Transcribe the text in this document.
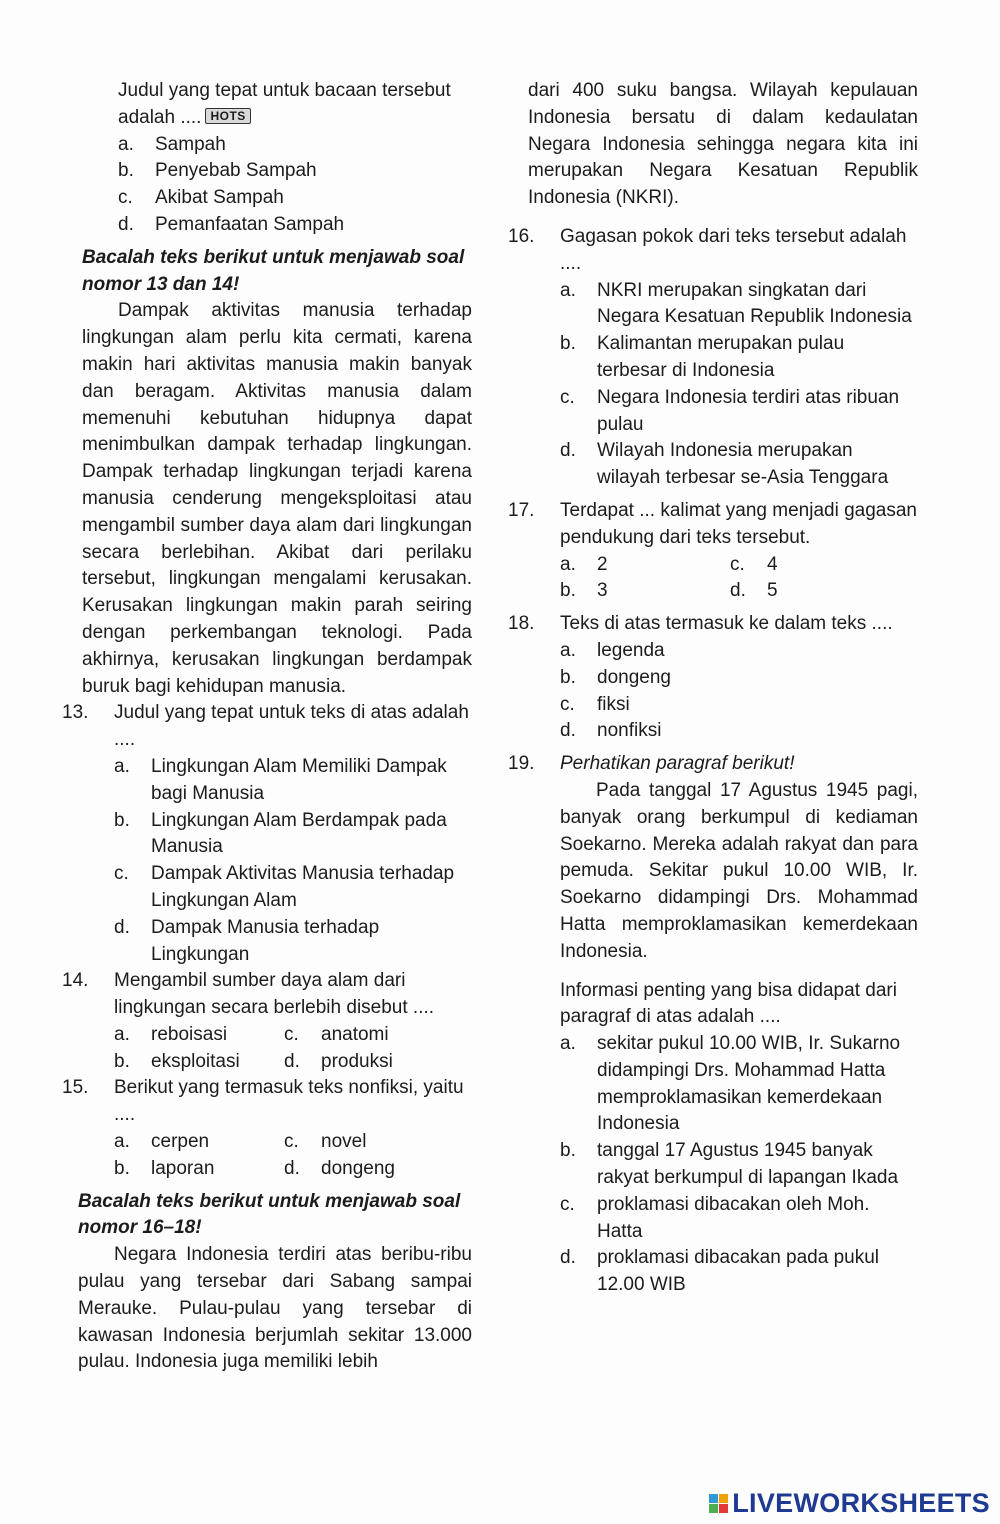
Judul yang tepat untuk bacaan tersebut adalah .... HOTS
a.	Sampah
b.	Penyebab Sampah
c.	Akibat Sampah
d.	Pemanfaatan Sampah
Bacalah teks berikut untuk menjawab soal nomor 13 dan 14!
Dampak aktivitas manusia terhadap lingkungan alam perlu kita cermati, karena makin hari aktivitas manusia makin banyak dan beragam. Aktivitas manusia dalam memenuhi kebutuhan hidupnya dapat menimbulkan dampak terhadap lingkungan. Dampak terhadap lingkungan terjadi karena manusia cenderung mengeksploitasi atau mengambil sumber daya alam dari lingkungan secara berlebihan. Akibat dari perilaku tersebut, lingkungan mengalami kerusakan. Kerusakan lingkungan makin parah seiring dengan perkembangan teknologi. Pada akhirnya, kerusakan lingkungan berdampak buruk bagi kehidupan manusia.
13.	Judul yang tepat untuk teks di atas adalah ....
a.	Lingkungan Alam Memiliki Dampak bagi Manusia
b.	Lingkungan Alam Berdampak pada Manusia
c.	Dampak Aktivitas Manusia terhadap Lingkungan Alam
d.	Dampak Manusia terhadap Lingkungan
14.	Mengambil sumber daya alam dari lingkungan secara berlebih disebut ....
a.	reboisasi	c.	anatomi
b.	eksploitasi	d.	produksi
15.	Berikut yang termasuk teks nonfiksi, yaitu ....
a.	cerpen	c.	novel
b.	laporan	d.	dongeng
Bacalah teks berikut untuk menjawab soal nomor 16–18!
Negara Indonesia terdiri atas beribu-ribu pulau yang tersebar dari Sabang sampai Merauke. Pulau-pulau yang tersebar di kawasan Indonesia berjumlah sekitar 13.000 pulau. Indonesia juga memiliki lebih
dari 400 suku bangsa. Wilayah kepulauan Indonesia bersatu di dalam kedaulatan Negara Indonesia sehingga negara kita ini merupakan Negara Kesatuan Republik Indonesia (NKRI).
16.	Gagasan pokok dari teks tersebut adalah ....
a.	NKRI merupakan singkatan dari Negara Kesatuan Republik Indonesia
b.	Kalimantan merupakan pulau terbesar di Indonesia
c.	Negara Indonesia terdiri atas ribuan pulau
d.	Wilayah Indonesia merupakan wilayah terbesar se-Asia Tenggara
17.	Terdapat ... kalimat yang menjadi gagasan pendukung dari teks tersebut.
a.	2	c.	4
b.	3	d.	5
18.	Teks di atas termasuk ke dalam teks ....
a.	legenda
b.	dongeng
c.	fiksi
d.	nonfiksi
19.	Perhatikan paragraf berikut!
Pada tanggal 17 Agustus 1945 pagi, banyak orang berkumpul di kediaman Soekarno. Mereka adalah rakyat dan para pemuda. Sekitar pukul 10.00 WIB, Ir. Soekarno didampingi Drs. Mohammad Hatta memproklamasikan kemerdekaan Indonesia.
Informasi penting yang bisa didapat dari paragraf di atas adalah ....
a.	sekitar pukul 10.00 WIB, Ir. Sukarno didampingi Drs. Mohammad Hatta memproklamasikan kemerdekaan Indonesia
b.	tanggal 17 Agustus 1945 banyak rakyat berkumpul di lapangan Ikada
c.	proklamasi dibacakan oleh Moh. Hatta
d.	proklamasi dibacakan pada pukul 12.00 WIB
LIVEWORKSHEETS
